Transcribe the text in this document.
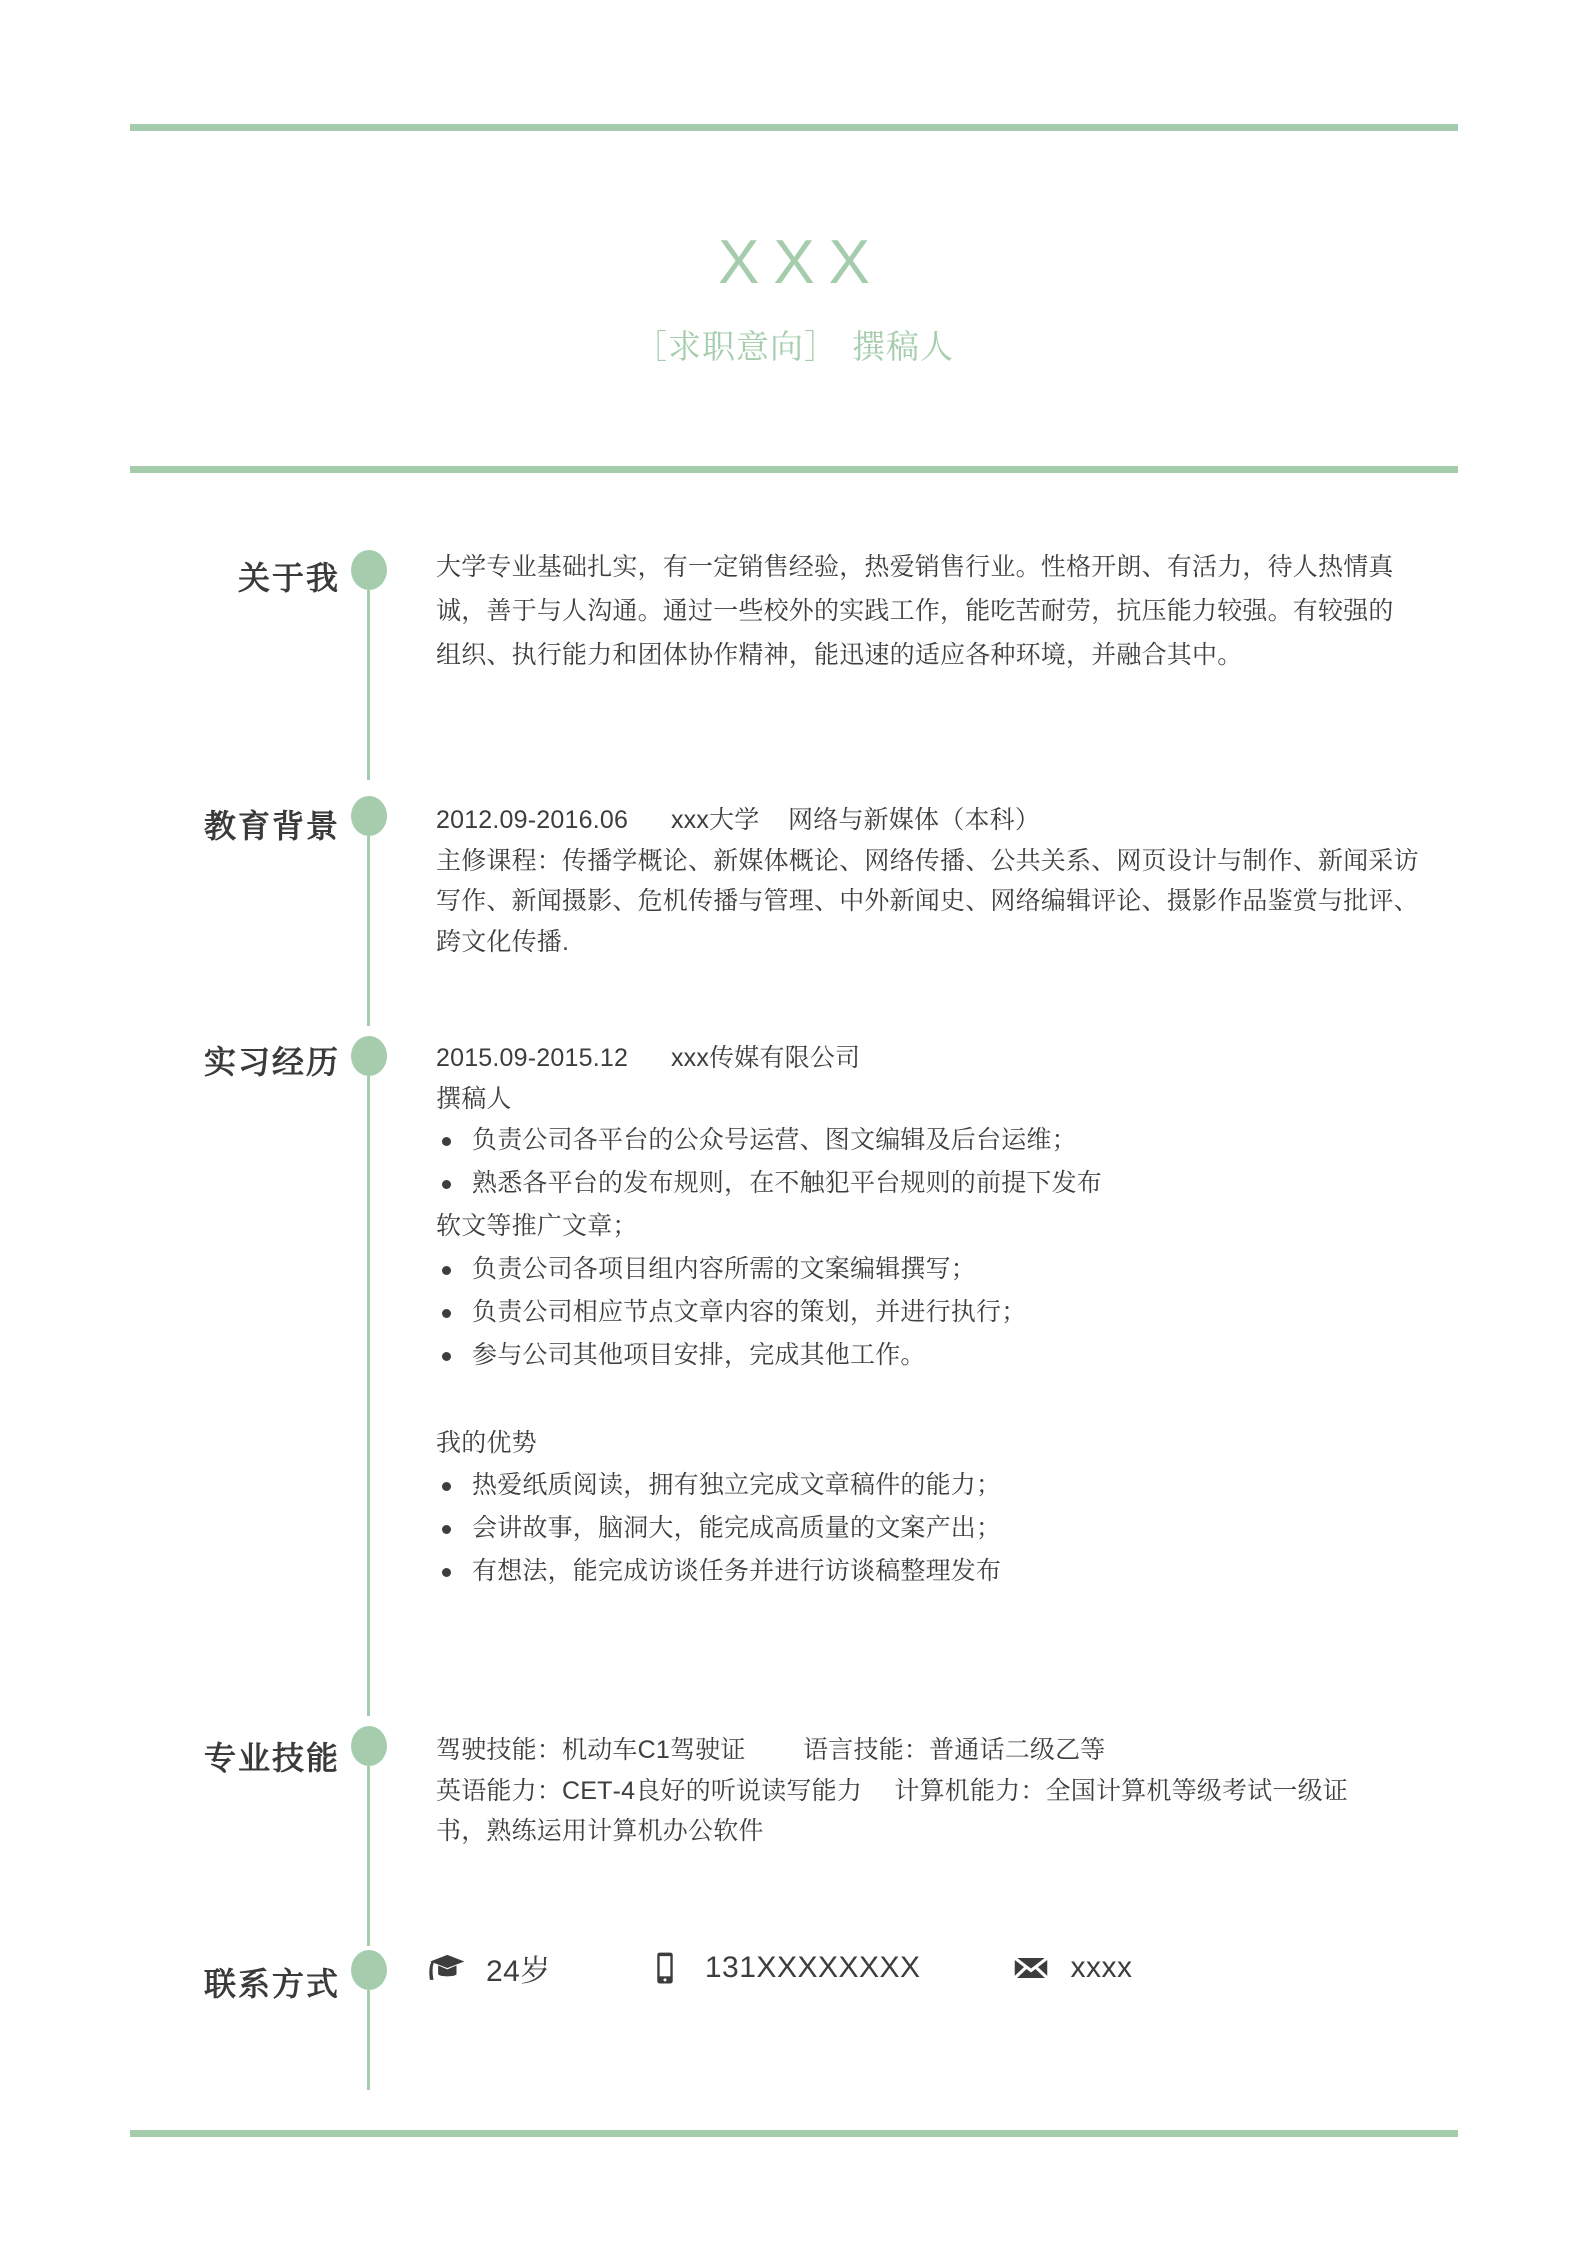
XXX
［求职意向］ 撰稿人
关于我	大学专业基础扎实，有一定销售经验，热爱销售行业。性格开朗、有活力，待人热情真诚，善于与人沟通。通过一些校外的实践工作，能吃苦耐劳，抗压能力较强。有较强的组织、执行能力和团体协作精神，能迅速的适应各种环境，并融合其中。
教育背景	2012.09-2016.06 xxx大学 网络与新媒体（本科）

主修课程：传播学概论、新媒体概论、网络传播、公共关系、网页设计与制作、新闻采访写作、新闻摄影、危机传播与管理、中外新闻史、网络编辑评论、摄影作品鉴赏与批评、跨文化传播.

实习经历	2015.09-2015.12 xxx传媒有限公司

撰稿人

负责公司各平台的公众号运营、图文编辑及后台运维；
熟悉各平台的发布规则，在不触犯平台规则的前提下发布
软文等推广文章；
负责公司各项目组内容所需的文案编辑撰写；
负责公司相应节点文章内容的策划，并进行执行；
参与公司其他项目安排，完成其他工作。

我的优势

热爱纸质阅读，拥有独立完成文章稿件的能力；
会讲故事，脑洞大，能完成高质量的文案产出；
有想法，能完成访谈任务并进行访谈稿整理发布
专业技能	驾驶技能：机动车C1驾驶证　　 语言技能：普通话二级乙等

英语能力：CET‑4良好的听说读写能力　 计算机能力：全国计算机等级考试一级证书，熟练运用计算机办公软件

联系方式	24岁	131XXXXXXXX	xxxx
